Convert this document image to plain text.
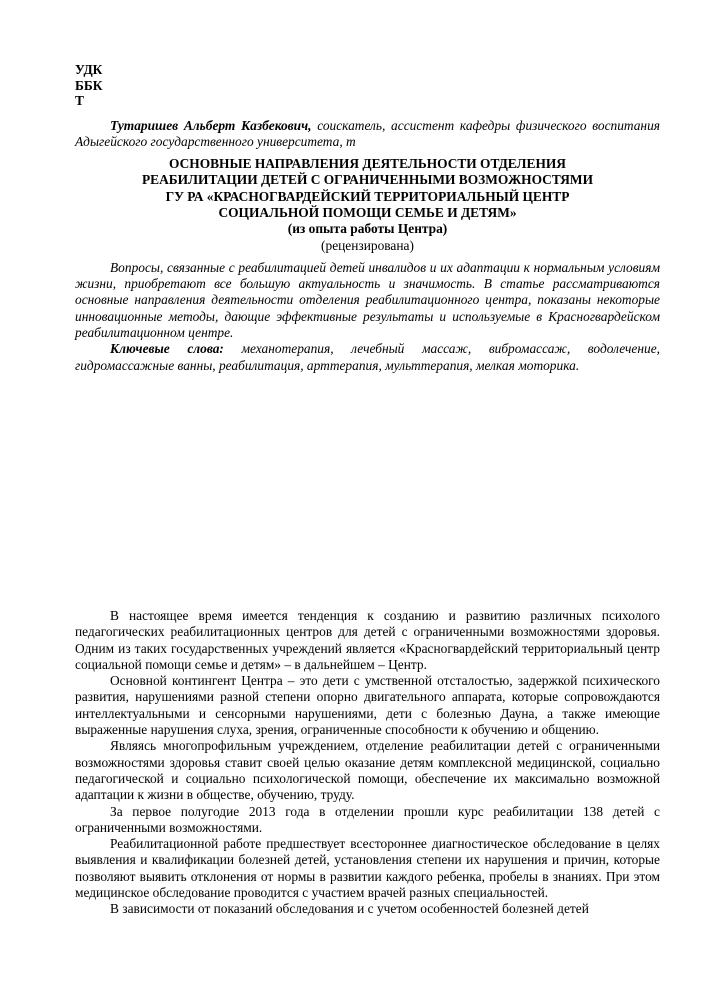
УДК
ББК
Т

Тутаришев Альберт Казбекович, соискатель, ассистент кафедры физического воспитания Адыгейского государственного университета, т

ОСНОВНЫЕ НАПРАВЛЕНИЯ ДЕЯТЕЛЬНОСТИ ОТДЕЛЕНИЯ
РЕАБИЛИТАЦИИ ДЕТЕЙ С ОГРАНИЧЕННЫМИ ВОЗМОЖНОСТЯМИ
ГУ РА «КРАСНОГВАРДЕЙСКИЙ ТЕРРИТОРИАЛЬНЫЙ ЦЕНТР
СОЦИАЛЬНОЙ ПОМОЩИ СЕМЬЕ И ДЕТЯМ»
(из опыта работы Центра)
(рецензирована)

Вопросы, связанные с реабилитацией детей инвалидов и их адаптации к нормальным условиям жизни, приобретают все большую актуальность и значимость. В статье рассматриваются основные направления деятельности отделения реабилитационного центра, показаны некоторые инновационные методы, дающие эффективные результаты и используемые в Красногвардейском реабилитационном центре.

Ключевые слова: механотерапия, лечебный массаж, вибромассаж, водолечение, гидромассажные ванны, реабилитация, арттерапия, мульттерапия, мелкая моторика.

В настоящее время имеется тенденция к созданию и развитию различных психолого педагогических реабилитационных центров для детей с ограниченными возможностями здоровья. Одним из таких государственных учреждений является «Красногвардейский территориальный центр социальной помощи семье и детям» – в дальнейшем – Центр.

Основной контингент Центра – это дети с умственной отсталостью, задержкой психического развития, нарушениями разной степени опорно двигательного аппарата, которые сопровождаются интеллектуальными и сенсорными нарушениями, дети с болезнью Дауна, а также имеющие выраженные нарушения слуха, зрения, ограниченные способности к обучению и общению.

Являясь многопрофильным учреждением, отделение реабилитации детей с ограниченными возможностями здоровья ставит своей целью оказание детям комплексной медицинской, социально педагогической и социально психологической помощи, обеспечение их максимально возможной адаптации к жизни в обществе, обучению, труду.

За первое полугодие 2013 года в отделении прошли курс реабилитации 138 детей с ограниченными возможностями.

Реабилитационной работе предшествует всестороннее диагностическое обследование в целях выявления и квалификации болезней детей, установления степени их нарушения и причин, которые позволяют выявить отклонения от нормы в развитии каждого ребенка, пробелы в знаниях. При этом медицинское обследование проводится с участием врачей разных специальностей.

В зависимости от показаний обследования и с учетом особенностей болезней детей
